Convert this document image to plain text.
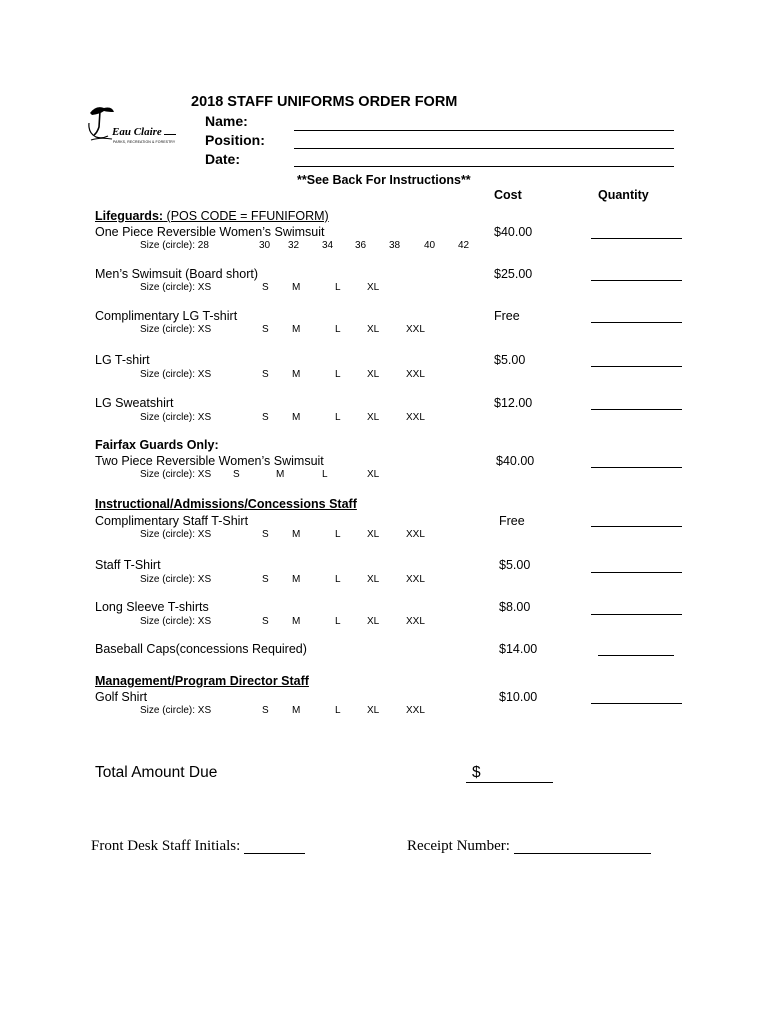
Eau Claire
PARKS, RECREATION & FORESTRY
2018 STAFF UNIFORMS ORDER FORM
Name:
Position:
Date:
**See Back For Instructions**
Cost	Quantity
Lifeguards: (POS CODE = FFUNIFORM)
One Piece Reversible Women’s Swimsuit	$40.00
Size (circle): 28	30 32 34 36 38 40 42
Men’s Swimsuit (Board short)	$25.00
Size (circle): XS	S M	L	XL
Complimentary LG T-shirt	Free
Size (circle): XS	S M	L	XL	XXL
LG T-shirt	$5.00
Size (circle): XS	S M	L	XL	XXL
LG Sweatshirt	$12.00
Size (circle): XS	S M	L	XL	XXL
Fairfax Guards Only:
Two Piece Reversible Women’s Swimsuit	$40.00
Size (circle): XS S	M	L	XL
Instructional/Admissions/Concessions Staff
Complimentary Staff T-Shirt	Free
Size (circle): XS	S M	L	XL	XXL
Staff T-Shirt	$5.00
Size (circle): XS	S M	L	XL	XXL
Long Sleeve T-shirts	$8.00
Size (circle): XS	S M	L	XL	XXL
Baseball Caps(concessions Required)	$14.00
Management/Program Director Staff
Golf Shirt	$10.00
Size (circle): XS	S M	L	XL	XXL
Total Amount Due	$
Front Desk Staff Initials:	Receipt Number:
